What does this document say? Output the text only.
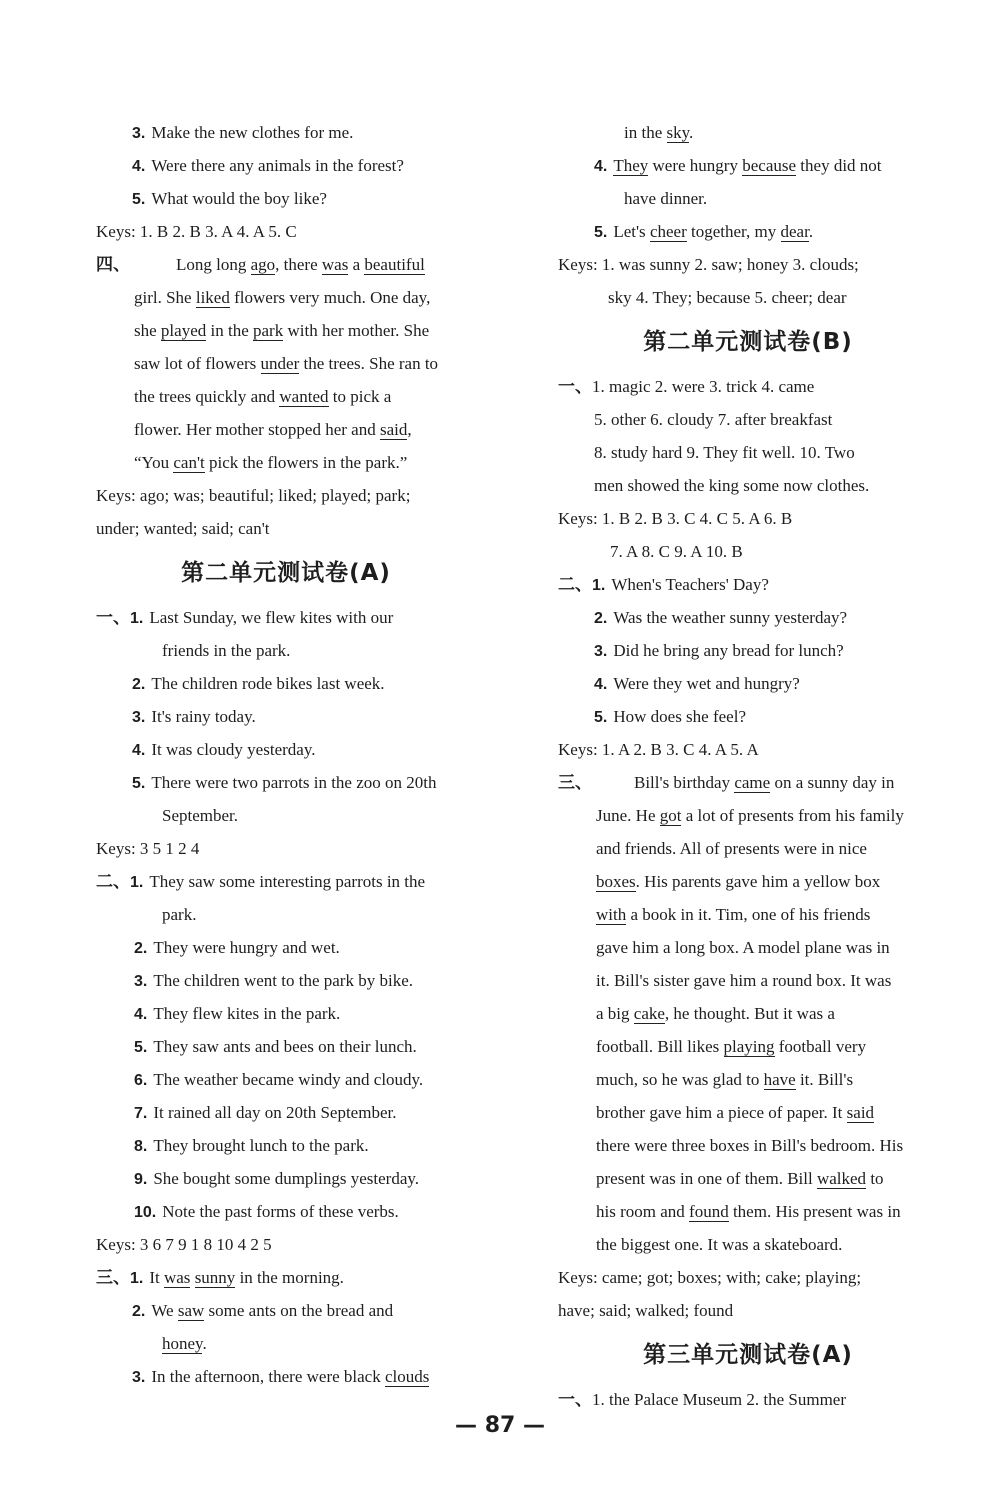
3. Make the new clothes for me.
4. Were there any animals in the forest?
5. What would the boy like?
Keys: 1. B 2. B 3. A 4. A 5. C
四、	Long long ago, there was a beautiful
girl. She liked flowers very much. One day,
she played in the park with her mother. She
saw lot of flowers under the trees. She ran to
the trees quickly and wanted to pick a
flower. Her mother stopped her and said,
“You can't pick the flowers in the park.”
Keys: ago; was; beautiful; liked; played; park;
under; wanted; said; can't
第二单元测试卷(A)
一、1. Last Sunday, we flew kites with our
friends in the park.
2. The children rode bikes last week.
3. It's rainy today.
4. It was cloudy yesterday.
5. There were two parrots in the zoo on 20th
September.
Keys: 3 5 1 2 4
二、1. They saw some interesting parrots in the
park.
2. They were hungry and wet.
3. The children went to the park by bike.
4. They flew kites in the park.
5. They saw ants and bees on their lunch.
6. The weather became windy and cloudy.
7. It rained all day on 20th September.
8. They brought lunch to the park.
9. She bought some dumplings yesterday.
10. Note the past forms of these verbs.
Keys: 3 6 7 9 1 8 10 4 2 5
三、1. It was sunny in the morning.
2. We saw some ants on the bread and
honey.
3. In the afternoon, there were black clouds
in the sky.
4. They were hungry because they did not
have dinner.
5. Let's cheer together, my dear.
Keys: 1. was sunny 2. saw; honey 3. clouds;
sky 4. They; because 5. cheer; dear
第二单元测试卷(B)
一、1. magic 2. were 3. trick 4. came
5. other 6. cloudy 7. after breakfast
8. study hard 9. They fit well. 10. Two
men showed the king some now clothes.
Keys: 1. B 2. B 3. C 4. C 5. A 6. B
7. A 8. C 9. A 10. B
二、1. When's Teachers' Day?
2. Was the weather sunny yesterday?
3. Did he bring any bread for lunch?
4. Were they wet and hungry?
5. How does she feel?
Keys: 1. A 2. B 3. C 4. A 5. A
三、 Bill's birthday came on a sunny day in
June. He got a lot of presents from his family
and friends. All of presents were in nice
boxes. His parents gave him a yellow box
with a book in it. Tim, one of his friends
gave him a long box. A model plane was in
it. Bill's sister gave him a round box. It was
a big cake, he thought. But it was a
football. Bill likes playing football very
much, so he was glad to have it. Bill's
brother gave him a piece of paper. It said
there were three boxes in Bill's bedroom. His
present was in one of them. Bill walked to
his room and found them. His present was in
the biggest one. It was a skateboard.
Keys: came; got; boxes; with; cake; playing;
have; said; walked; found
第三单元测试卷(A)
一、1. the Palace Museum 2. the Summer
— 87 —
